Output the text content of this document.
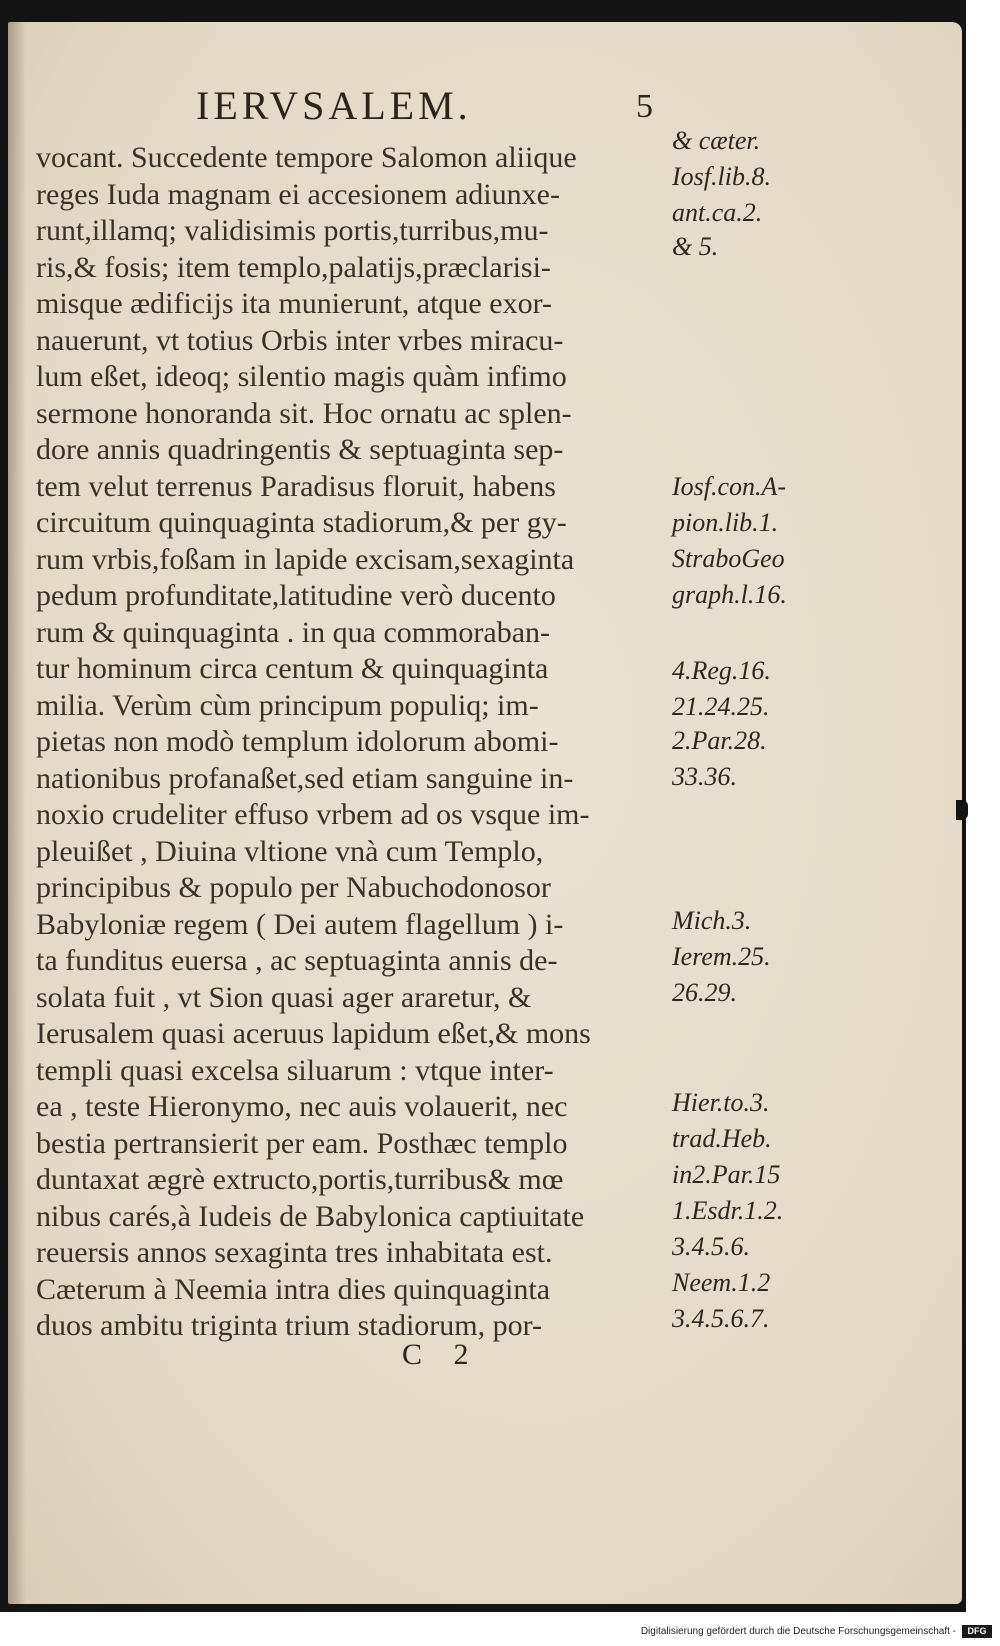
IERVSALEM.	5
vocant. Succedente tempore Salomon aliique
reges Iuda magnam ei accesionem adiunxe-
runt,illamq; validisimis portis,turribus,mu-
ris,& fosis; item templo,palatijs,præclarisi-
misque ædificijs ita munierunt, atque exor-
nauerunt, vt totius Orbis inter vrbes miracu-
lum eßet, ideoq; silentio magis quàm infimo
sermone honoranda sit. Hoc ornatu ac splen-
dore annis quadringentis & septuaginta sep-
tem velut terrenus Paradisus floruit, habens
circuitum quinquaginta stadiorum,& per gy-
rum vrbis,foßam in lapide excisam,sexaginta
pedum profunditate,latitudine verò ducento
rum & quinquaginta . in qua commoraban-
tur hominum circa centum & quinquaginta
milia. Verùm cùm principum populiq; im-
pietas non modò templum idolorum abomi-
nationibus profanaßet,sed etiam sanguine in-
noxio crudeliter effuso vrbem ad os vsque im-
pleuißet , Diuina vltione vnà cum Templo,
principibus & populo per Nabuchodonosor
Babyloniæ regem ( Dei autem flagellum ) i-
ta funditus euersa , ac septuaginta annis de-
solata fuit , vt Sion quasi ager araretur, &
Ierusalem quasi aceruus lapidum eßet,& mons
templi quasi excelsa siluarum : vtque inter-
ea , teste Hieronymo, nec auis volauerit, nec
bestia pertransierit per eam. Posthæc templo
duntaxat ægrè extructo,portis,turribus& mœ
nibus carés,à Iudeis de Babylonica captiuitate
reuersis annos sexaginta tres inhabitata est.
Cæterum à Neemia intra dies quinquaginta
duos ambitu triginta trium stadiorum, por-
& cæter.
Iosf.lib.8.
ant.ca.2.
& 5.
Iosf.con.A-
pion.lib.1.
StraboGeo
graph.l.16.
4.Reg.16.
21.24.25.
2.Par.28.
33.36.
Mich.3.
Ierem.25.
26.29.
Hier.to.3.
trad.Heb.
in2.Par.15
1.Esdr.1.2.
3.4.5.6.
Neem.1.2
3.4.5.6.7.
C 2
Digitalisierung gefördert durch die Deutsche Forschungsgemeinschaft -	DFG
